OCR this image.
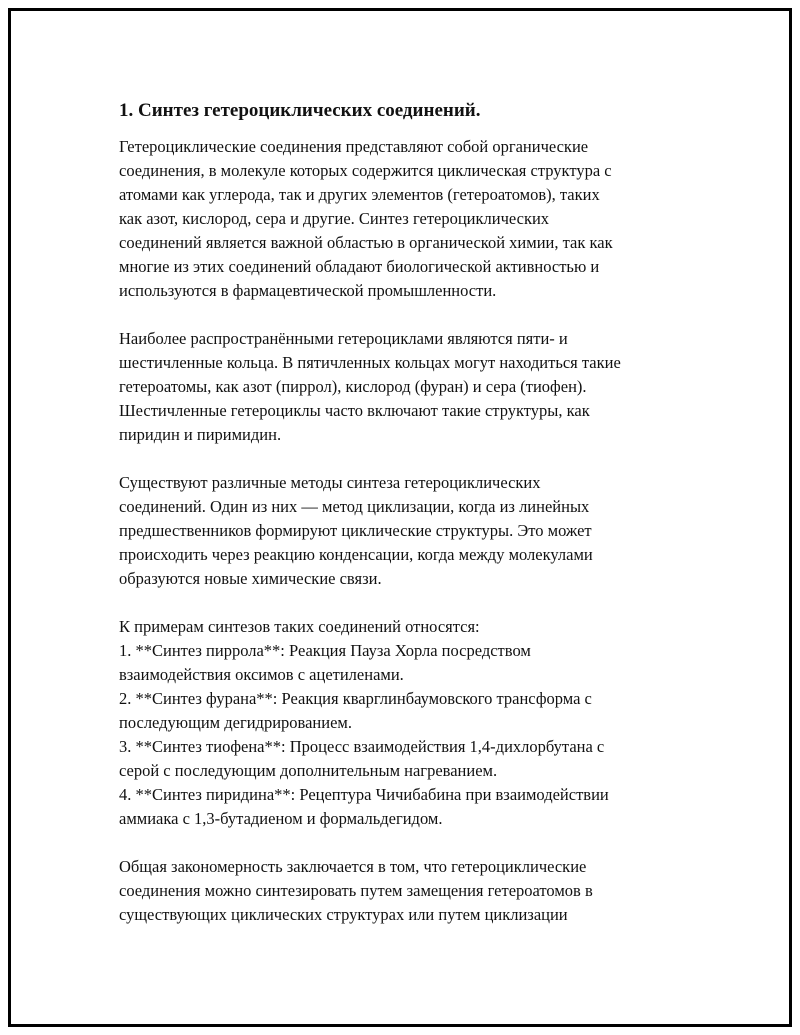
1. Синтез гетероциклических соединений.

Гетероциклические соединения представляют собой органические
соединения, в молекуле которых содержится циклическая структура с
атомами как углерода, так и других элементов (гетероатомов), таких
как азот, кислород, сера и другие. Синтез гетероциклических
соединений является важной областью в органической химии, так как
многие из этих соединений обладают биологической активностью и
используются в фармацевтической промышленности.

Наиболее распространёнными гетероциклами являются пяти- и
шестичленные кольца. В пятичленных кольцах могут находиться такие
гетероатомы, как азот (пиррол), кислород (фуран) и сера (тиофен).
Шестичленные гетероциклы часто включают такие структуры, как
пиридин и пиримидин.

Существуют различные методы синтеза гетероциклических
соединений. Один из них — метод циклизации, когда из линейных
предшественников формируют циклические структуры. Это может
происходить через реакцию конденсации, когда между молекулами
образуются новые химические связи.

К примерам синтезов таких соединений относятся:
1. **Синтез пиррола**: Реакция Пауза Хорла посредством
взаимодействия оксимов с ацетиленами.
2. **Синтез фурана**: Реакция кварглинбаумовского трансформа с
последующим дегидрированием.
3. **Синтез тиофена**: Процесс взаимодействия 1,4-дихлорбутана с
серой с последующим дополнительным нагреванием.
4. **Синтез пиридина**: Рецептура Чичибабина при взаимодействии
аммиака с 1,3-бутадиеном и формальдегидом.

Общая закономерность заключается в том, что гетероциклические
соединения можно синтезировать путем замещения гетероатомов в
существующих циклических структурах или путем циклизации
